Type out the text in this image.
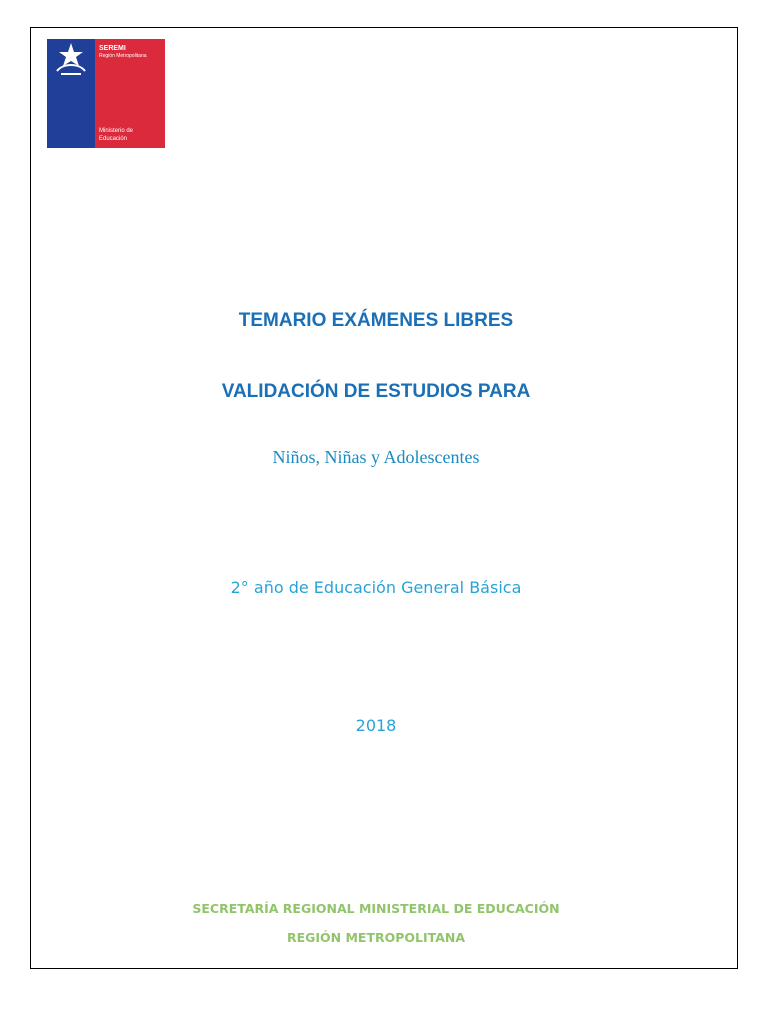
SEREMI
Región Metropolitana
Ministerio de
Educación
TEMARIO EXÁMENES LIBRES
VALIDACIÓN DE ESTUDIOS PARA
Niños, Niñas y Adolescentes
2° año de Educación General Básica
2018
SECRETARÍA REGIONAL MINISTERIAL DE EDUCACIÓN
REGIÓN METROPOLITANA
